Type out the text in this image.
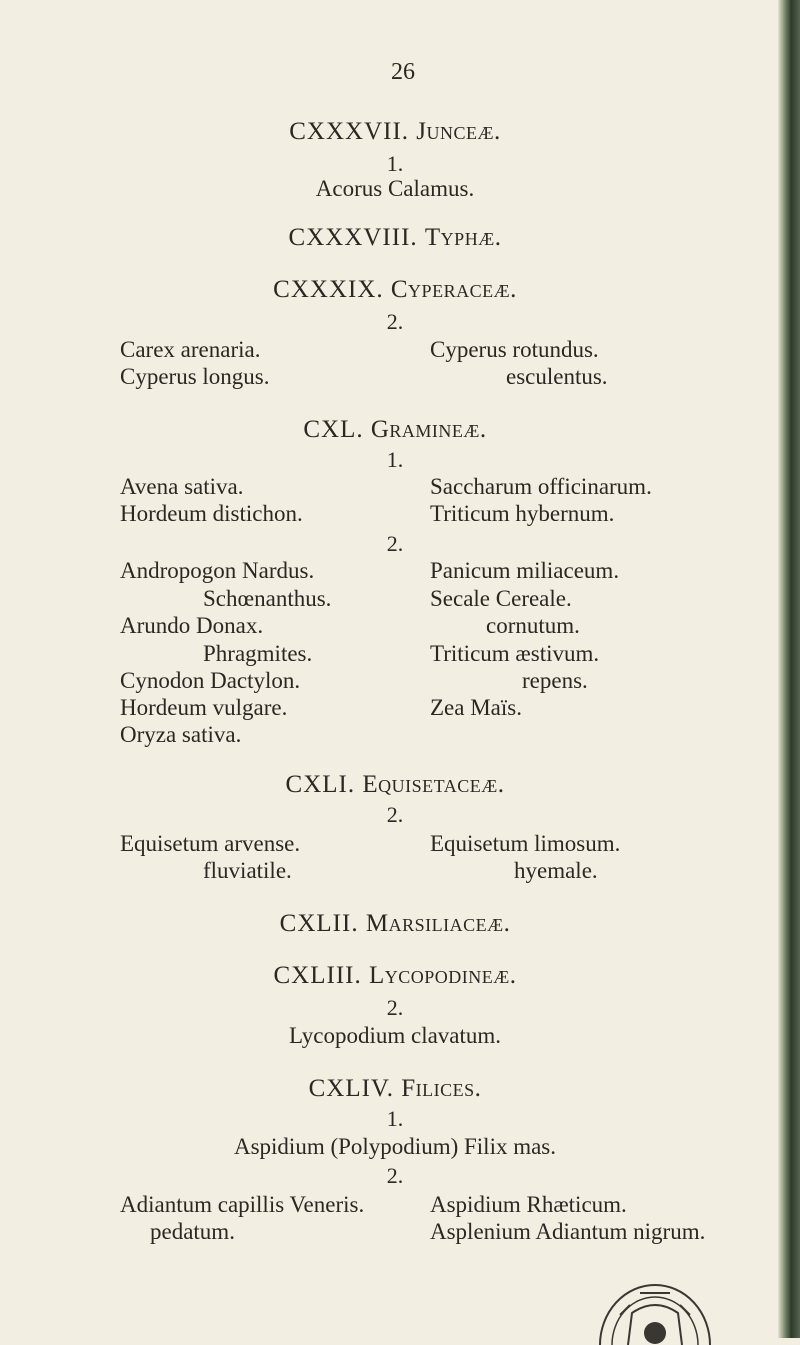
26
CXXXVII. Junceæ.
1.
Acorus Calamus.
CXXXVIII. Typhæ.
CXXXIX. Cyperaceæ.
2.
Carex arenaria.
Cyperus longus.
Cyperus rotundus.
esculentus.
CXL. Gramineæ.
1.
Avena sativa.
Hordeum distichon.
Saccharum officinarum.
Triticum hybernum.
2.
Andropogon Nardus.
Schœnanthus.
Arundo Donax.
Phragmites.
Cynodon Dactylon.
Hordeum vulgare.
Oryza sativa.
Panicum miliaceum.
Secale Cereale.
cornutum.
Triticum æstivum.
repens.
Zea Maïs.
CXLI. Equisetaceæ.
2.
Equisetum arvense.
fluviatile.
Equisetum limosum.
hyemale.
CXLII. Marsiliaceæ.
CXLIII. Lycopodineæ.
2.
Lycopodium clavatum.
CXLIV. Filices.
1.
Aspidium (Polypodium) Filix mas.
2.
Adiantum capillis Veneris.
pedatum.
Aspidium Rhæticum.
Asplenium Adiantum nigrum.
